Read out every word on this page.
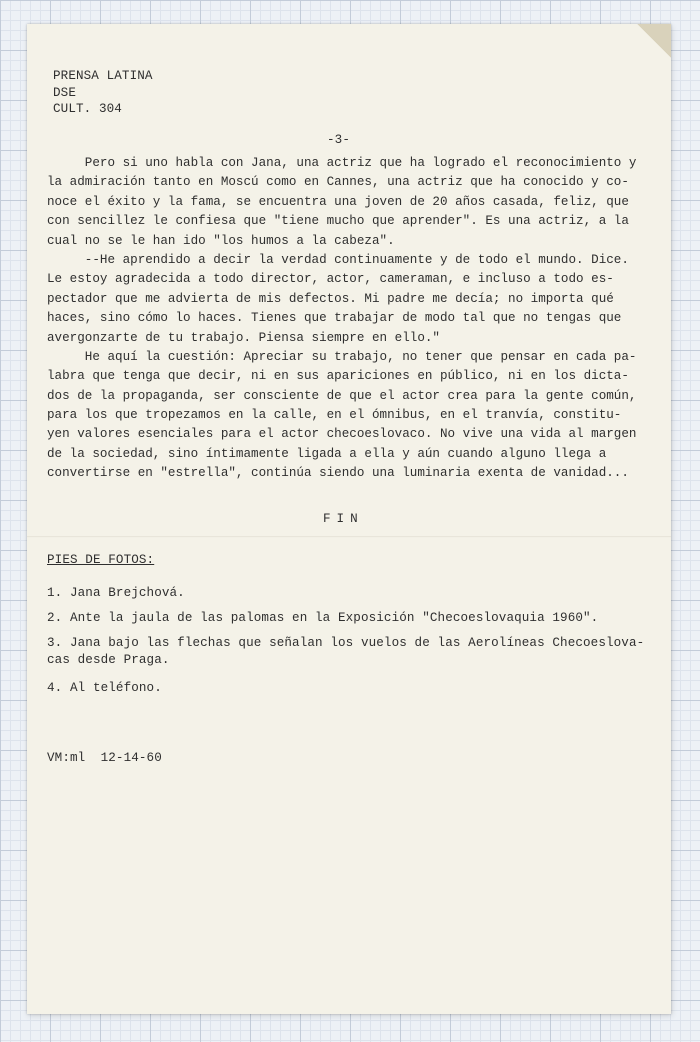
PRENSA LATINA
DSE
CULT. 304
-3-
Pero si uno habla con Jana, una actriz que ha logrado el reconocimiento y
la admiración tanto en Moscú como en Cannes, una actriz que ha conocido y co-
noce el éxito y la fama, se encuentra una joven de 20 años casada, feliz, que
con sencillez le confiesa que "tiene mucho que aprender". Es una actriz, a la
cual no se le han ido "los humos a la cabeza".
--He aprendido a decir la verdad continuamente y de todo el mundo. Dice.
Le estoy agradecida a todo director, actor, cameraman, e incluso a todo es-
pectador que me advierta de mis defectos. Mi padre me decía; no importa qué
haces, sino cómo lo haces. Tienes que trabajar de modo tal que no tengas que
avergonzarte de tu trabajo. Piensa siempre en ello."
He aquí la cuestión: Apreciar su trabajo, no tener que pensar en cada pa-
labra que tenga que decir, ni en sus apariciones en público, ni en los dicta-
dos de la propaganda, ser consciente de que el actor crea para la gente común,
para los que tropezamos en la calle, en el ómnibus, en el tranvía, constitu-
yen valores esenciales para el actor checoeslovaco. No vive una vida al margen
de la sociedad, sino íntimamente ligada a ella y aún cuando alguno llega a
convertirse en "estrella", continúa siendo una luminaria exenta de vanidad...
FIN
PIES DE FOTOS:
1. Jana Brejchová.
2. Ante la jaula de las palomas en la Exposición "Checoeslovaquia 1960".
3. Jana bajo las flechas que señalan los vuelos de las Aerolíneas Checoeslova-
cas desde Praga.
4. Al teléfono.
VM:ml  12-14-60
